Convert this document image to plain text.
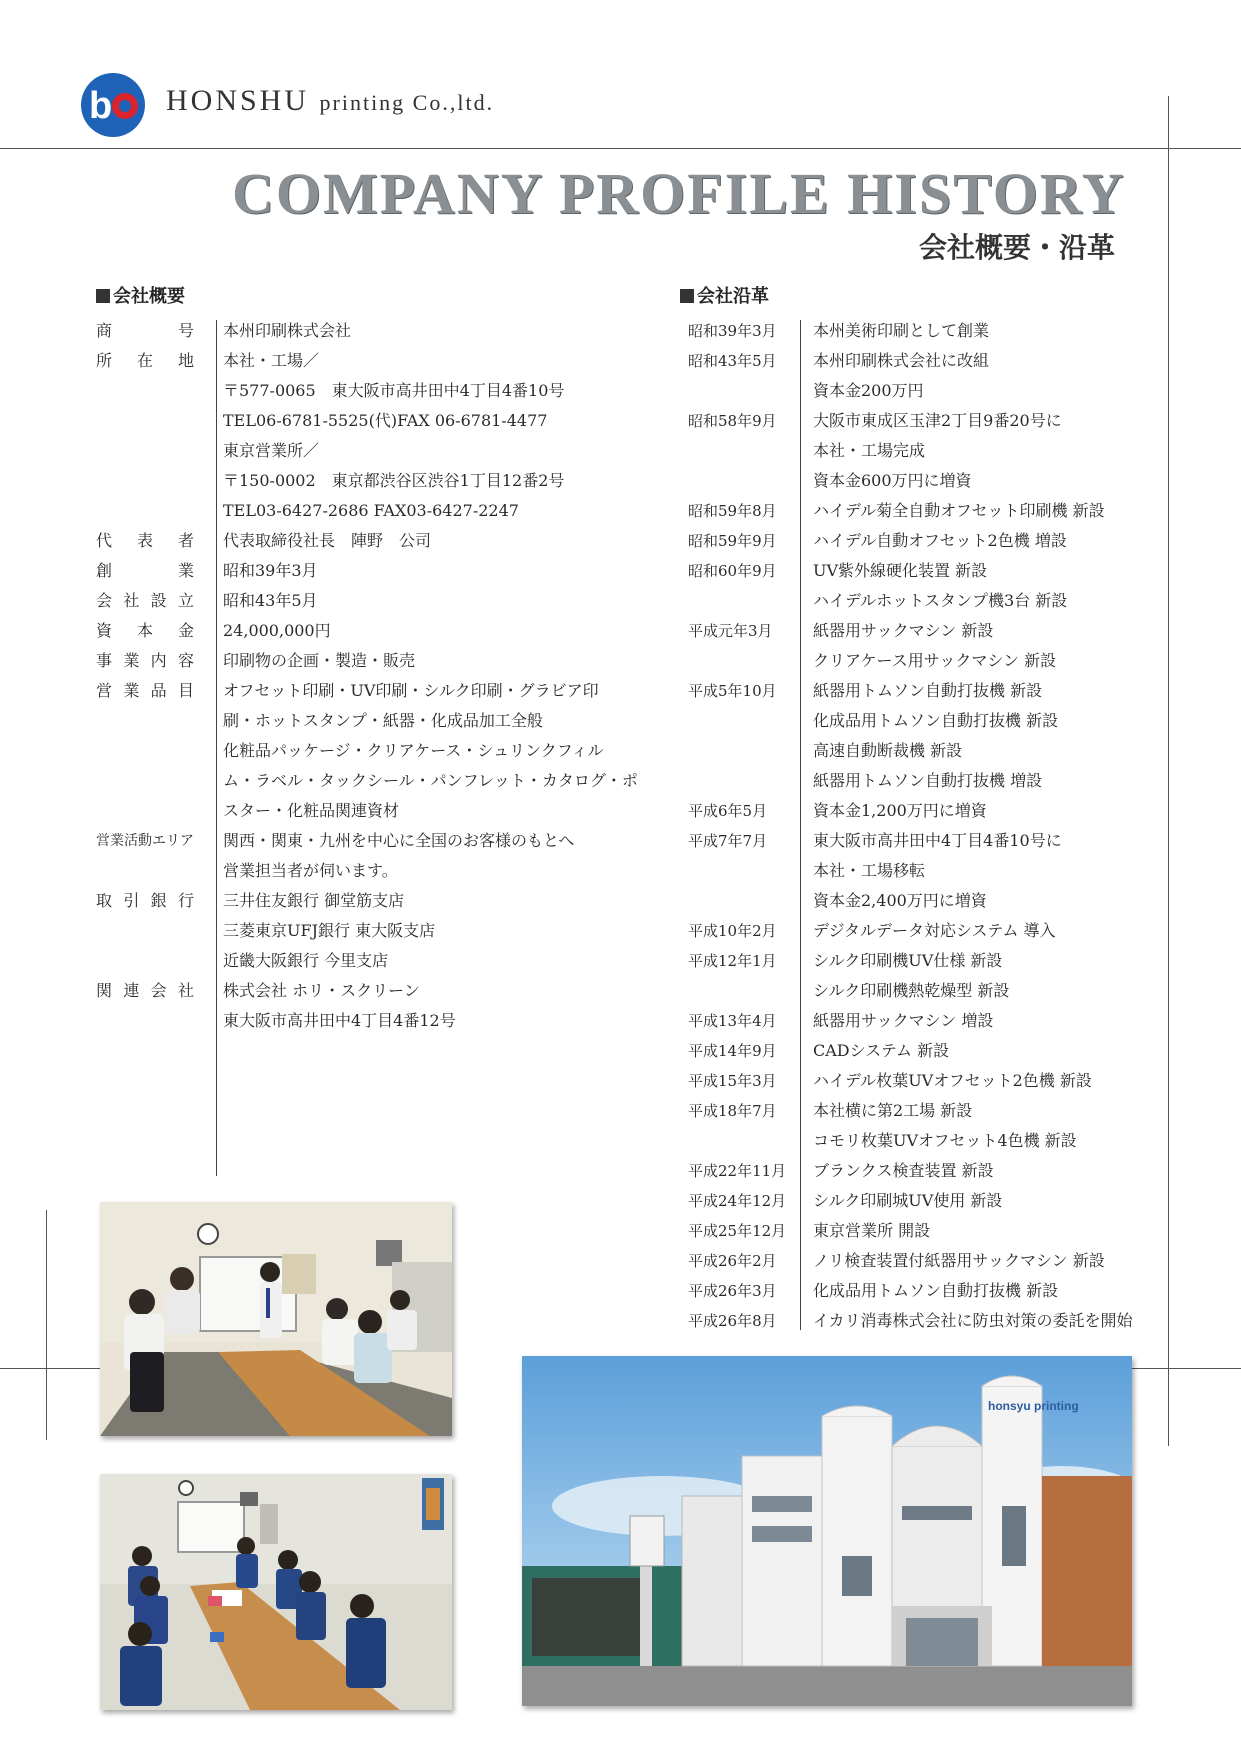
b HONSHU printing Co.,ltd.
COMPANY PROFILE HISTORY
会社概要・沿革
会社概要	会社沿革
商号	本州印刷株式会社
所在地	本社・工場／
	〒577-0065　東大阪市高井田中4丁目4番10号
	TEL06-6781-5525(代)FAX 06-6781-4477
	東京営業所／
	〒150-0002　東京都渋谷区渋谷1丁目12番2号
	TEL03-6427-2686 FAX03-6427-2247
代表者	代表取締役社長　陣野　公司
創業	昭和39年3月
会社設立	昭和43年5月
資本金	24,000,000円
事業内容	印刷物の企画・製造・販売
営業品目	オフセット印刷・UV印刷・シルク印刷・グラビア印
	刷・ホットスタンプ・紙器・化成品加工全般
	化粧品パッケージ・クリアケース・シュリンクフィル
	ム・ラベル・タックシール・パンフレット・カタログ・ポ
	スター・化粧品関連資材
営業活動エリア	関西・関東・九州を中心に全国のお客様のもとへ
	営業担当者が伺います。
取引銀行	三井住友銀行 御堂筋支店
	三菱東京UFJ銀行 東大阪支店
	近畿大阪銀行 今里支店
関連会社	株式会社 ホリ・スクリーン
	東大阪市高井田中4丁目4番12号
昭和39年3月	本州美術印刷として創業
昭和43年5月	本州印刷株式会社に改組
	資本金200万円
昭和58年9月	大阪市東成区玉津2丁目9番20号に
	本社・工場完成
	資本金600万円に増資
昭和59年8月	ハイデル菊全自動オフセット印刷機 新設
昭和59年9月	ハイデル自動オフセット2色機 増設
昭和60年9月	UV紫外線硬化装置 新設
	ハイデルホットスタンプ機3台 新設
平成元年3月	紙器用サックマシン 新設
	クリアケース用サックマシン 新設
平成5年10月	紙器用トムソン自動打抜機 新設
	化成品用トムソン自動打抜機 新設
	高速自動断裁機 新設
	紙器用トムソン自動打抜機 増設
平成6年5月	資本金1,200万円に増資
平成7年7月	東大阪市高井田中4丁目4番10号に
	本社・工場移転
	資本金2,400万円に増資
平成10年2月	デジタルデータ対応システム 導入
平成12年1月	シルク印刷機UV仕様 新設
	シルク印刷機熱乾燥型 新設
平成13年4月	紙器用サックマシン 増設
平成14年9月	CADシステム 新設
平成15年3月	ハイデル枚葉UVオフセット2色機 新設
平成18年7月	本社横に第2工場 新設
	コモリ枚葉UVオフセット4色機 新設
平成22年11月	ブランクス検査装置 新設
平成24年12月	シルク印刷城UV使用 新設
平成25年12月	東京営業所 開設
平成26年2月	ノリ検査装置付紙器用サックマシン 新設
平成26年3月	化成品用トムソン自動打抜機 新設
平成26年8月	イカリ消毒株式会社に防虫対策の委託を開始
honsyu printing
